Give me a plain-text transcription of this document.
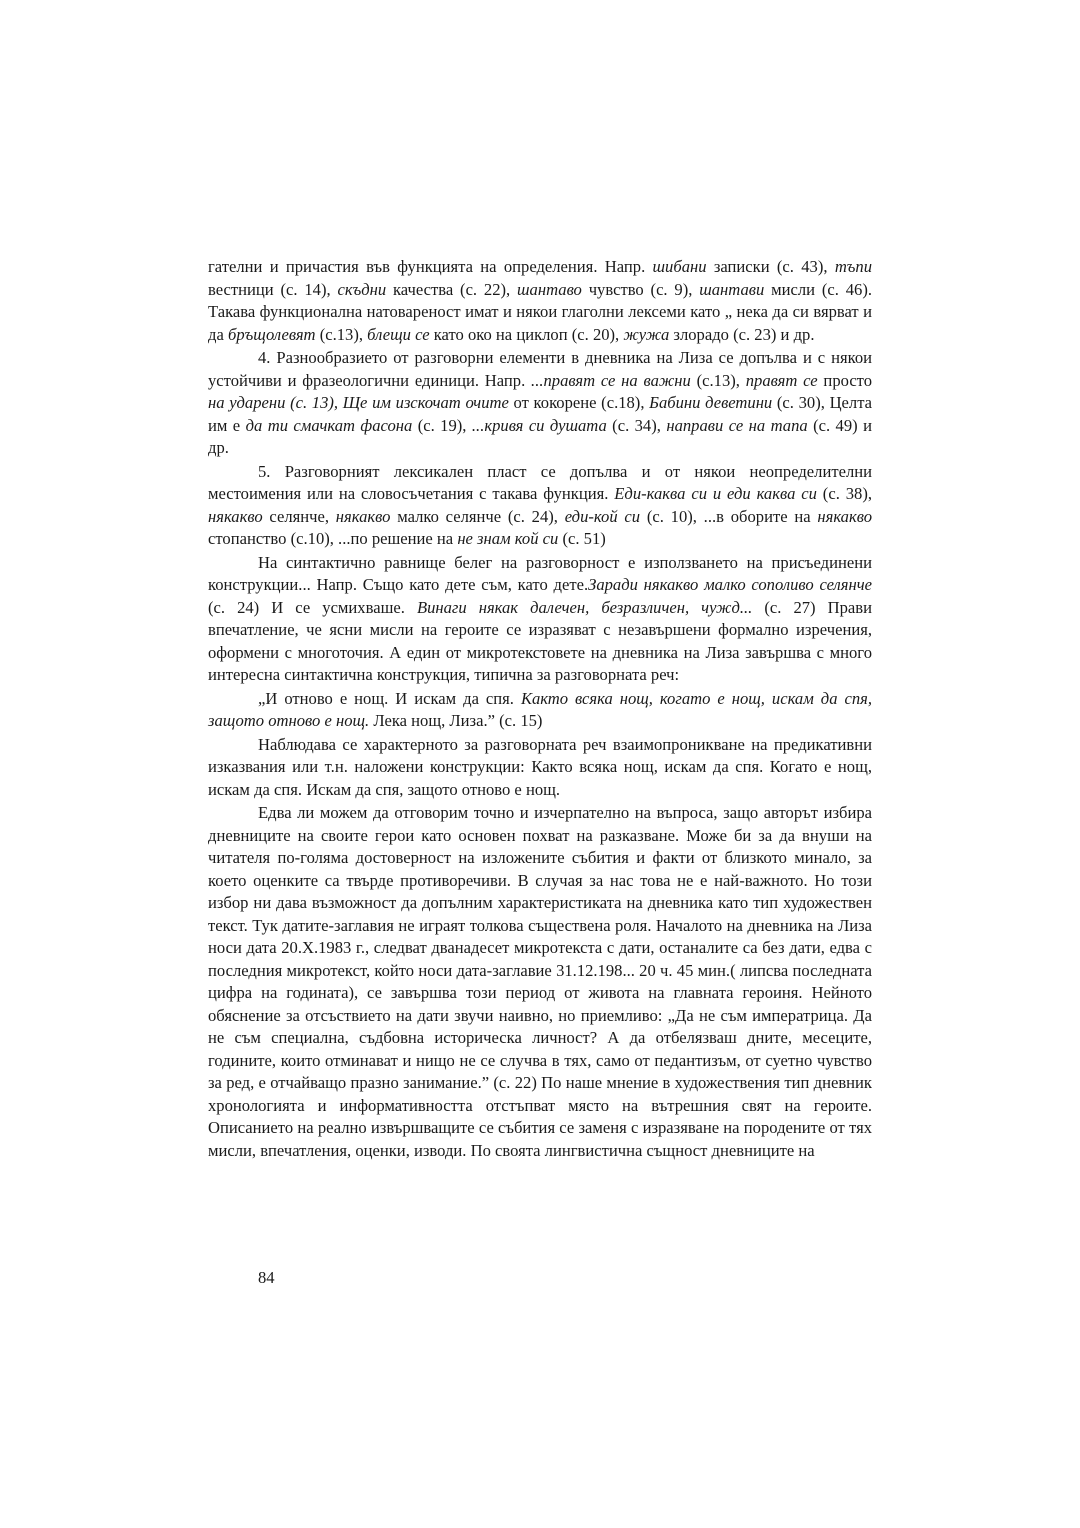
гателни и причастия във функцията на определения. Напр. шибани записки (с. 43), тъпи вестници (с. 14), скъдни качества (с. 22), шантаво чувство (с. 9), шантави мисли (с. 46). Такава функционална натовареност имат и някои глаголни лексеми като „ нека да си вярват и да бръщолевят (с.13), блещи се като око на циклоп (с. 20), жужа злорадо (с. 23) и др.

4. Разнообразието от разговорни елементи в дневника на Лиза се допълва и с някои устойчиви и фразеологични единици. Напр. ...правят се на важни (с.13), правят се просто на ударени (с. 13), Ще им изскочат очите от кокорене (с.18), Бабини деветини (с. 30), Целта им е да ти смачкат фасона (с. 19), ...кривя си душата (с. 34), направи се на тапа (с. 49) и др.

5. Разговорният лексикален пласт се допълва и от някои неопределителни местоимения или на словосъчетания с такава функция. Еди-каква си и еди каква си (с. 38), някакво селянче, някакво малко селянче (с. 24), еди-кой си (с. 10), ...в оборите на някакво стопанство (с.10), ...по решение на не знам кой си (с. 51)

На синтактично равнище белег на разговорност е използването на присъединени конструкции... Напр. Също като дете съм, като дете.Заради някакво малко сополиво селянче (с. 24) И се усмихваше. Винаги някак далечен, безразличен, чужд... (с. 27) Прави впечатление, че ясни мисли на героите се изразяват с незавършени формално изречения, оформени с многоточия. А един от микротекстовете на дневника на Лиза завършва с много интересна синтактична конструкция, типична за разговорната реч:

„И отново е нощ. И искам да спя. Както всяка нощ, когато е нощ, искам да спя, защото отново е нощ. Лека нощ, Лиза.” (с. 15)

Наблюдава се характерното за разговорната реч взаимопроникване на предикативни изказвания или т.н. наложени конструкции: Както всяка нощ, искам да спя. Когато е нощ, искам да спя. Искам да спя, защото отново е нощ.

Едва ли можем да отговорим точно и изчерпателно на въпроса, защо авторът избира дневниците на своите герои като основен похват на разказване. Може би за да внуши на читателя по-голяма достоверност на изложените събития и факти от близкото минало, за което оценките са твърде противоречиви. В случая за нас това не е най-важното. Но този избор ни дава възможност да допълним характеристиката на дневника като тип художествен текст. Тук датите-заглавия не играят толкова съществена роля. Началото на дневника на Лиза носи дата 20.Х.1983 г., следват дванадесет микротекста с дати, останалите са без дати, едва с последния микротекст, който носи дата-заглавие 31.12.198... 20 ч. 45 мин.( липсва последната цифра на годината), се завършва този период от живота на главната героиня. Нейното обяснение за отсъствието на дати звучи наивно, но приемливо: „Да не съм императрица. Да не съм специална, съдбовна историческа личност? А да отбелязваш дните, месеците, годините, които отминават и нищо не се случва в тях, само от педантизъм, от суетно чувство за ред, е отчайващо празно занимание.” (с. 22) По наше мнение в художествения тип дневник хронологията и информативността отстъпват място на вътрешния свят на героите. Описанието на реално извършващите се събития се заменя с изразяване на породените от тях мисли, впечатления, оценки, изводи. По своята лингвистична същност дневниците на

84
